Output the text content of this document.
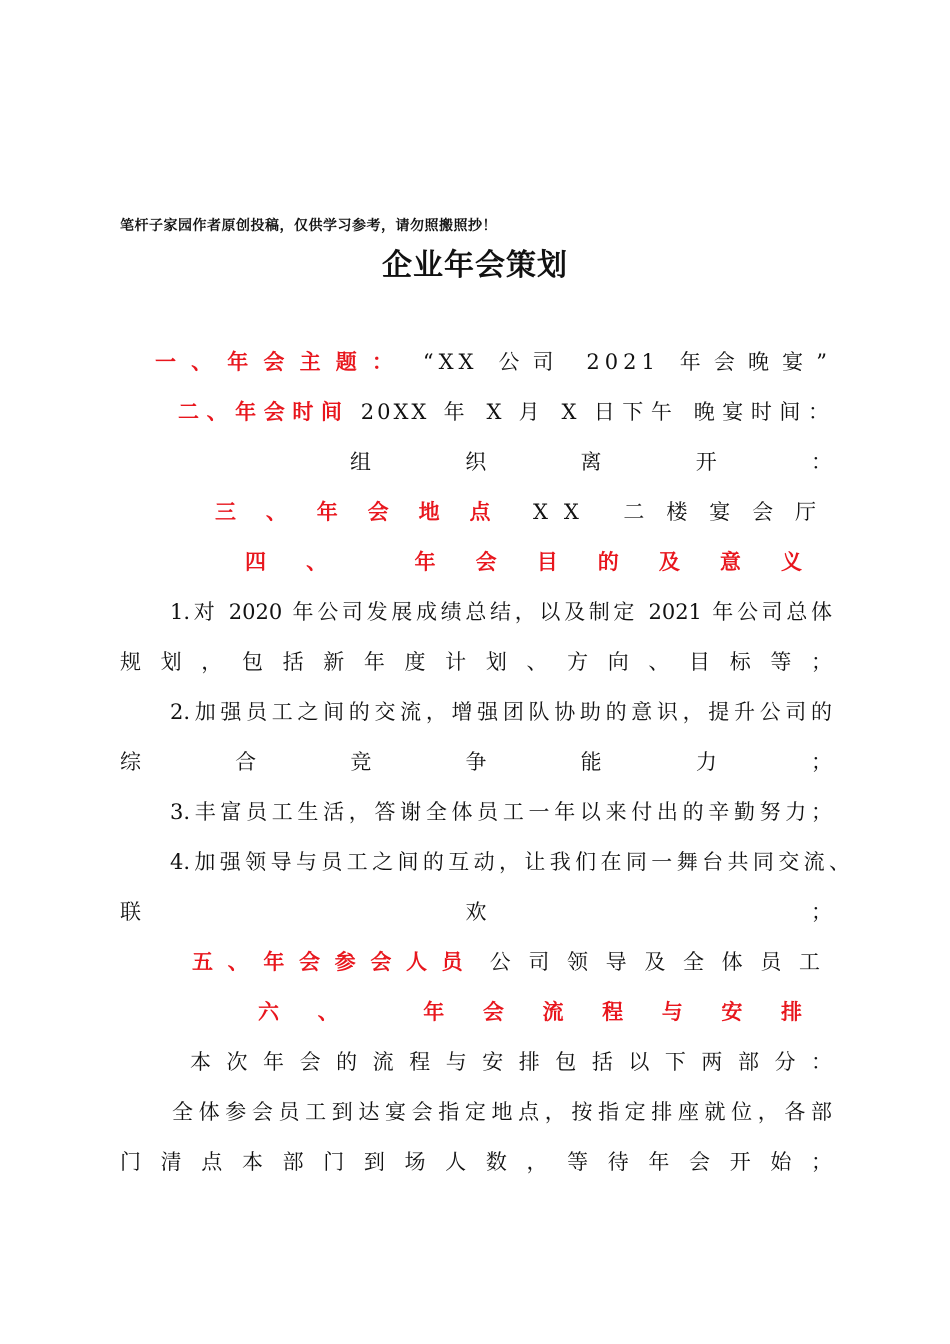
笔杆子家园作者原创投稿，仅供学习参考，请勿照搬照抄！
企业年会策划
一、年会主题： “XX 公司 2021 年会晚宴”
二、年会时间 20XX 年 X 月 X 日下午 晚宴时间：
组 织 离 开 ：
三、年会地点 XX 二楼宴会厅
四、 年会目的及意义
1.对 2020 年公司发展成绩总结，以及制定 2021 年公司总体
规划，包括新年度计划、方向、目标等；
2.加强员工之间的交流，增强团队协助的意识，提升公司的
综 合 竞 争 能 力 ；
3.丰富员工生活，答谢全体员工一年以来付出的辛勤努力；
4.加强领导与员工之间的互动，让我们在同一舞台共同交流、
联 欢 ；
五、年会参会人员 公司领导及全体员工
六、 年会流程与安排
本次年会的流程与安排包括以下两部分：
全体参会员工到达宴会指定地点，按指定排座就位，各部
门清点本部门到场人数，等待年会开始；
